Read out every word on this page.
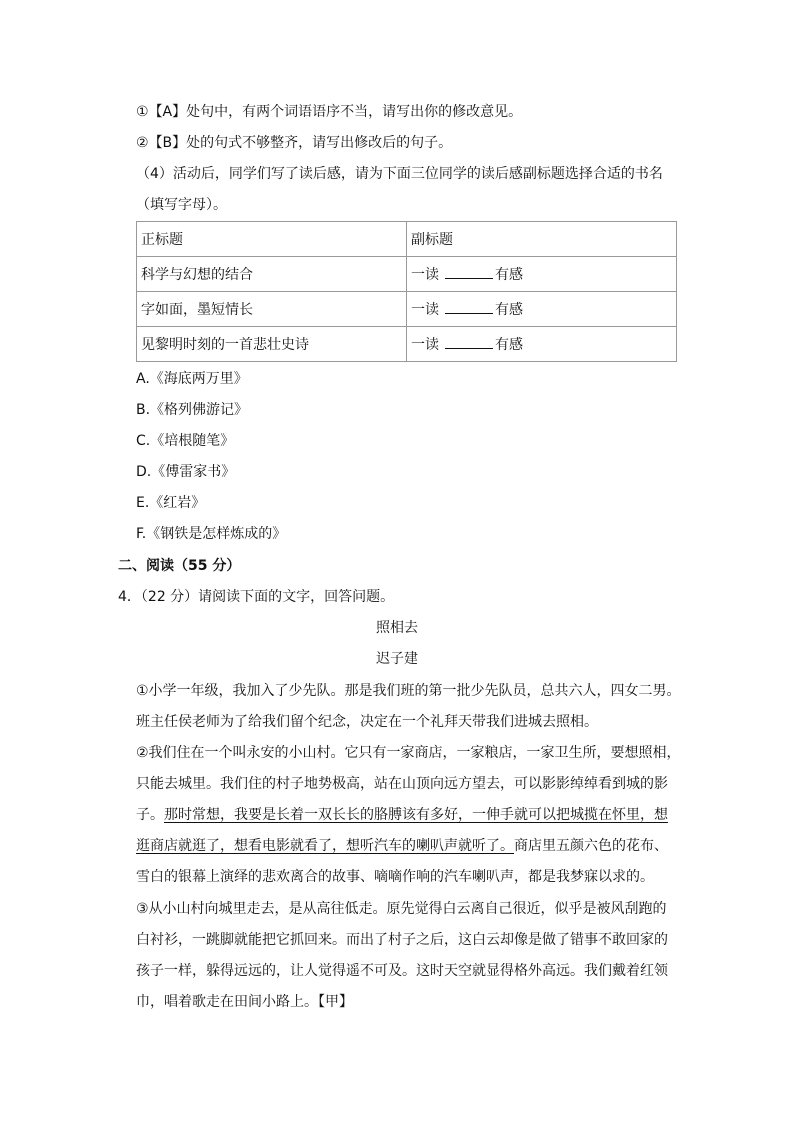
①【A】处句中，有两个词语语序不当，请写出你的修改意见。
②【B】处的句式不够整齐，请写出修改后的句子。
（4）活动后，同学们写了读后感，请为下面三位同学的读后感副标题选择合适的书名
（填写字母）。
正标题	副标题
科学与幻想的结合	一读 有感
字如面，墨短情长	一读 有感
见黎明时刻的一首悲壮史诗	一读 有感
A.《海底两万里》
B.《格列佛游记》
C.《培根随笔》
D.《傅雷家书》
E.《红岩》
F.《钢铁是怎样炼成的》
二、阅读（55 分）
4．（22 分）请阅读下面的文字，回答问题。
照相去
迟子建
①小学一年级，我加入了少先队。那是我们班的第一批少先队员，总共六人，四女二男。
班主任侯老师为了给我们留个纪念，决定在一个礼拜天带我们进城去照相。
②我们住在一个叫永安的小山村。它只有一家商店，一家粮店，一家卫生所，要想照相，
只能去城里。我们住的村子地势极高，站在山顶向远方望去，可以影影绰绰看到城的影
子。那时常想，我要是长着一双长长的胳膊该有多好，一伸手就可以把城揽在怀里，想
逛商店就逛了，想看电影就看了，想听汽车的喇叭声就听了。商店里五颜六色的花布、
雪白的银幕上演绎的悲欢离合的故事、嘀嘀作响的汽车喇叭声，都是我梦寐以求的。
③从小山村向城里走去，是从高往低走。原先觉得白云离自己很近，似乎是被风刮跑的
白衬衫，一跳脚就能把它抓回来。而出了村子之后，这白云却像是做了错事不敢回家的
孩子一样，躲得远远的，让人觉得遥不可及。这时天空就显得格外高远。我们戴着红领
巾，唱着歌走在田间小路上。【甲】
